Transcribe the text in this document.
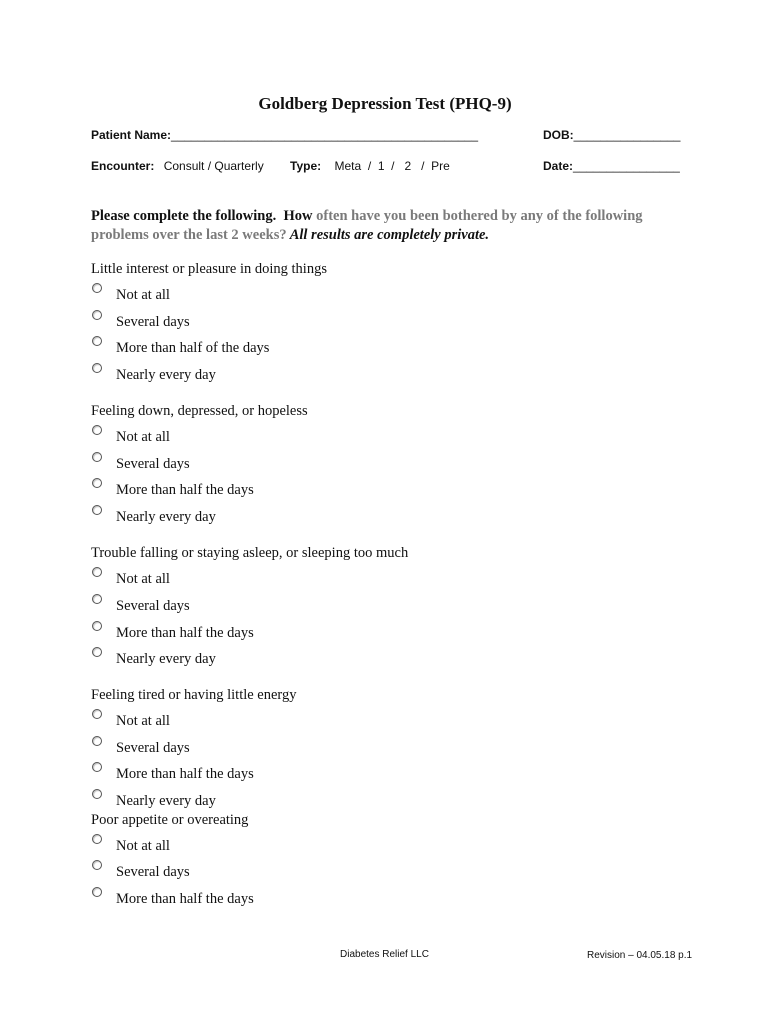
Goldberg Depression Test (PHQ-9)
Patient Name:______________________________________________	DOB:________________
Encounter: Consult / Quarterly Type: Meta  /  1  /   2   /  Pre	Date:________________
Please complete the following.  How often have you been bothered by any of the following problems over the last 2 weeks? All results are completely private.
Little interest or pleasure in doing things
Not at all
Several days
More than half of the days
Nearly every day
Feeling down, depressed, or hopeless
Not at all
Several days
More than half the days
Nearly every day
Trouble falling or staying asleep, or sleeping too much
Not at all
Several days
More than half the days
Nearly every day
Feeling tired or having little energy
Not at all
Several days
More than half the days
Nearly every day
Poor appetite or overeating
Not at all
Several days
More than half the days
Diabetes Relief LLC	Revision – 04.05.18 p.1
